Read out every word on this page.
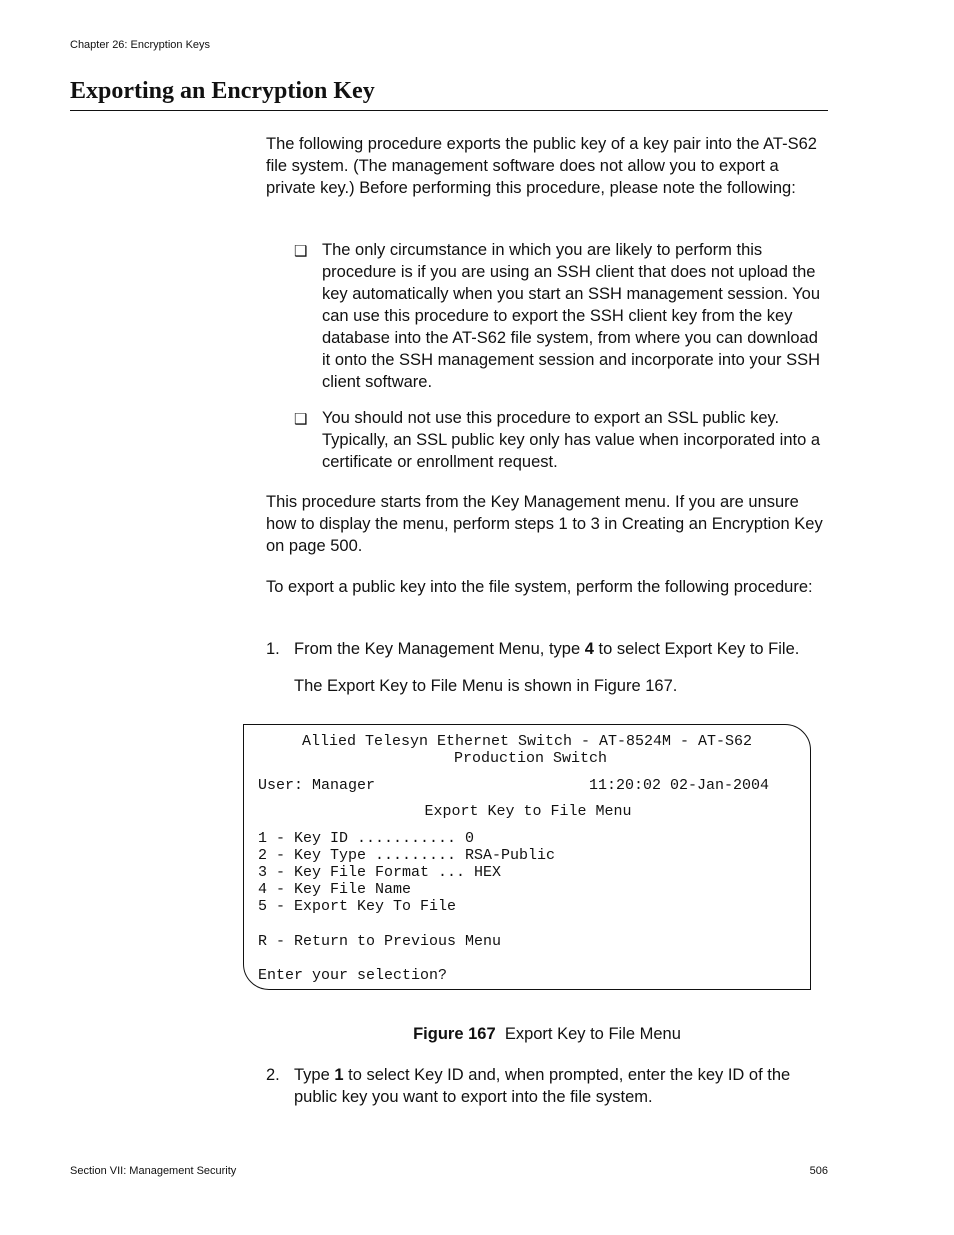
Chapter 26: Encryption Keys
Exporting an Encryption Key
The following procedure exports the public key of a key pair into the AT-S62 file system. (The management software does not allow you to export a private key.) Before performing this procedure, please note the following:
❑ The only circumstance in which you are likely to perform this procedure is if you are using an SSH client that does not upload the key automatically when you start an SSH management session. You can use this procedure to export the SSH client key from the key database into the AT-S62 file system, from where you can download it onto the SSH management session and incorporate into your SSH client software.
❑ You should not use this procedure to export an SSL public key. Typically, an SSL public key only has value when incorporated into a certificate or enrollment request.
This procedure starts from the Key Management menu. If you are unsure how to display the menu, perform steps 1 to 3 in Creating an Encryption Key on page 500.
To export a public key into the file system, perform the following procedure:
1. From the Key Management Menu, type 4 to select Export Key to File.
The Export Key to File Menu is shown in Figure 167.
Allied Telesyn Ethernet Switch - AT-8524M - AT-S62
Production Switch
User: Manager	11:20:02 02-Jan-2004
Export Key to File Menu
1 - Key ID ........... 0
2 - Key Type ......... RSA-Public
3 - Key File Format ... HEX
4 - Key File Name
5 - Export Key To File
R - Return to Previous Menu
Enter your selection?
Figure 167 Export Key to File Menu
2. Type 1 to select Key ID and, when prompted, enter the key ID of the public key you want to export into the file system.
Section VII: Management Security	506
